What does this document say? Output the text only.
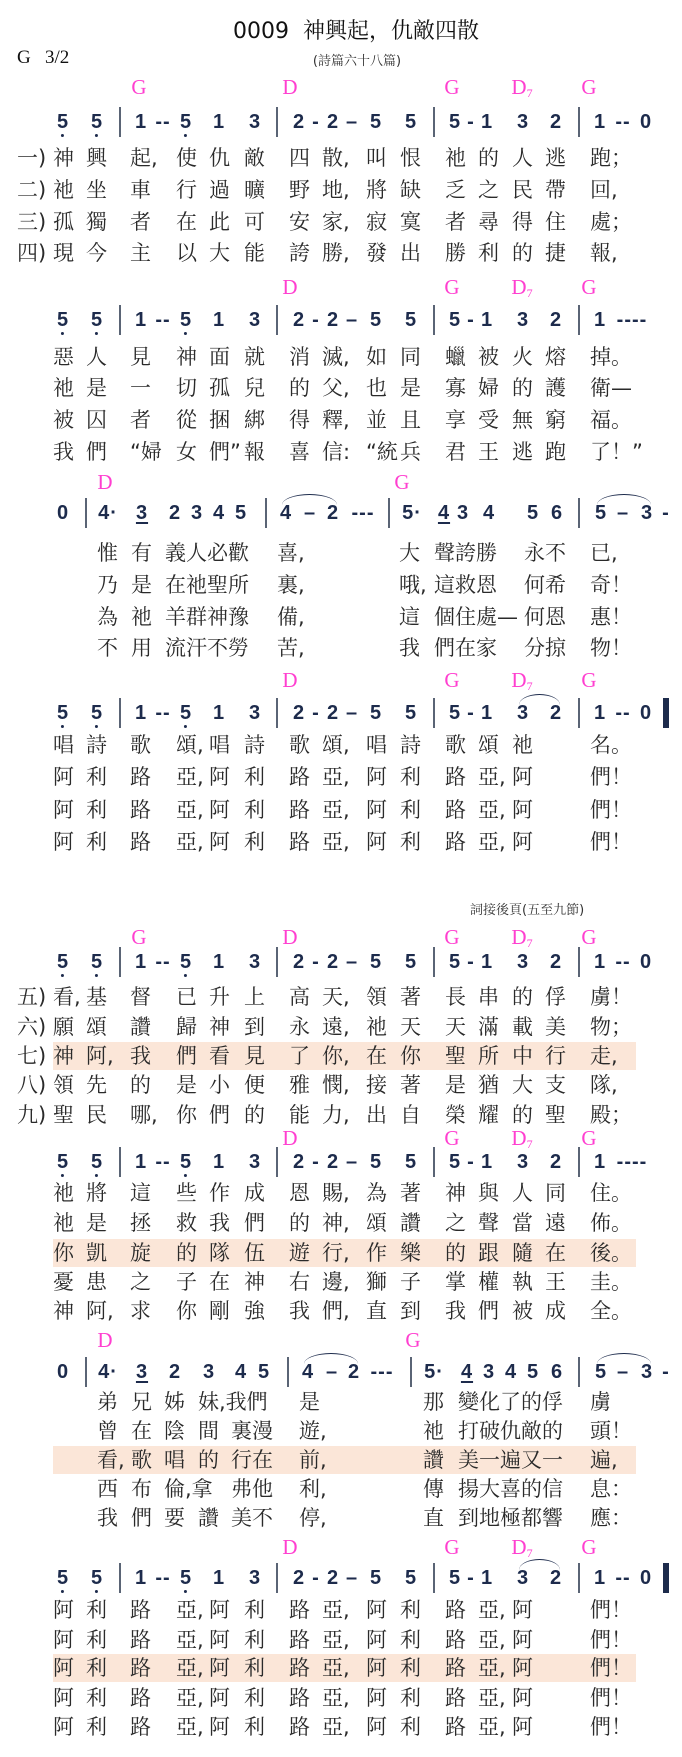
0009  神興起，仇敵四散
G   3/2	(詩篇六十八篇)
詞接後頁(五至九節)
G	D	G $D_7$ G
5 5 1 -- 5 1 3 2 - 2 – 5 5 5 - 1 3 2 1 -- 0
一) 神 興 起, 使 仇 敵 四 散, 叫 恨 祂 的 人 逃 跑；
二) 祂 坐 車 行 過 曠 野 地, 將 缺 乏 之 民 帶 回,
三) 孤 獨 者 在 此 可 安 家, 寂 寞 者 尋 得 住 處；
四) 現 今 主 以 大 能 誇 勝, 發 出 勝 利 的 捷 報,
D	G $D_7$ G
5 5 1 -- 5 1 3 2 - 2 – 5 5 5 - 1 3 2 1 ----
惡 人 見 神 面 就 消 滅, 如 同 蠟 被 火 熔 掉。
祂 是 一 切 孤 兒 的 父, 也 是 寡 婦 的 護 衛—
被 囚 者 從 捆 綁 得 釋, 並 且 享 受 無 窮 福。
我 們 “婦 女 們” 報 喜 信: “統 兵 君 王 逃 跑 了！”
D	G
0 4· 3 2 3 4 5 4 – 2 --- 5· 4 3 4 5 6 5 – 3 -
惟 有 義人必歡 喜,	大 聲誇勝 永不 已,
乃 是 在祂聖所 裏,	哦, 這救恩 何希 奇！
為 祂 羊群神豫 備,	這 個住處— 何恩 惠！
不 用 流汗不勞 苦,	我 們在家 分掠 物！
D	G $D_7$ G
5 5 1 -- 5 1 3 2 - 2 – 5 5 5 - 1 3 2 1 -- 0
唱 詩 歌 頌, 唱 詩 歌 頌, 唱 詩 歌 頌 祂	名。
阿 利 路 亞, 阿 利 路 亞, 阿 利 路 亞, 阿	們！
阿 利 路 亞, 阿 利 路 亞, 阿 利 路 亞, 阿	們！
阿 利 路 亞, 阿 利 路 亞, 阿 利 路 亞, 阿	們！
G	D	G $D_7$ G
5 5 1 -- 5 1 3 2 - 2 – 5 5 5 - 1 3 2 1 -- 0
五) 看, 基 督 已 升 上 高 天, 領 著 長 串 的 俘 虜！
六) 願 頌 讚 歸 神 到 永 遠, 祂 天 天 滿 載 美 物；
七) 神 阿, 我 們 看 見 了 你, 在 你 聖 所 中 行 走,
八) 領 先 的 是 小 便 雅 憫, 接 著 是 猶 大 支 隊,
九) 聖 民 哪, 你 們 的 能 力, 出 自 榮 耀 的 聖 殿；
D	G $D_7$ G
5 5 1 -- 5 1 3 2 - 2 – 5 5 5 - 1 3 2 1 ----
祂 將 這 些 作 成 恩 賜, 為 著 神 與 人 同 住。
祂 是 拯 救 我 們 的 神, 頌 讚 之 聲 當 遠 佈。
你 凱 旋 的 隊 伍 遊 行, 作 樂 的 跟 隨 在 後。
憂 患 之 子 在 神 右 邊, 獅 子 掌 權 執 王 圭。
神 阿, 求 你 剛 強 我 們, 直 到 我 們 被 成 全。
D	G
0 4· 3 2 3 4 5 4 – 2 --- 5· 4 3 4 5 6 5 – 3 -
弟 兄 姊 妹,我們 是	那 變化了的俘 虜
曾 在 陰 間 裏漫 遊,	祂 打破仇敵的 頭！
看, 歌 唱 的 行在 前,	讚 美一遍又一 遍,
西 布 倫,拿 弗他 利,	傳 揚大喜的信 息：
我 們 要 讚 美不 停,	直 到地極都響 應：
D	G $D_7$ G
5 5 1 -- 5 1 3 2 - 2 – 5 5 5 - 1 3 2 1 -- 0
阿 利 路 亞, 阿 利 路 亞, 阿 利 路 亞, 阿	們！
阿 利 路 亞, 阿 利 路 亞, 阿 利 路 亞, 阿	們！
阿 利 路 亞, 阿 利 路 亞, 阿 利 路 亞, 阿	們！
阿 利 路 亞, 阿 利 路 亞, 阿 利 路 亞, 阿	們！
阿 利 路 亞, 阿 利 路 亞, 阿 利 路 亞, 阿	們！
